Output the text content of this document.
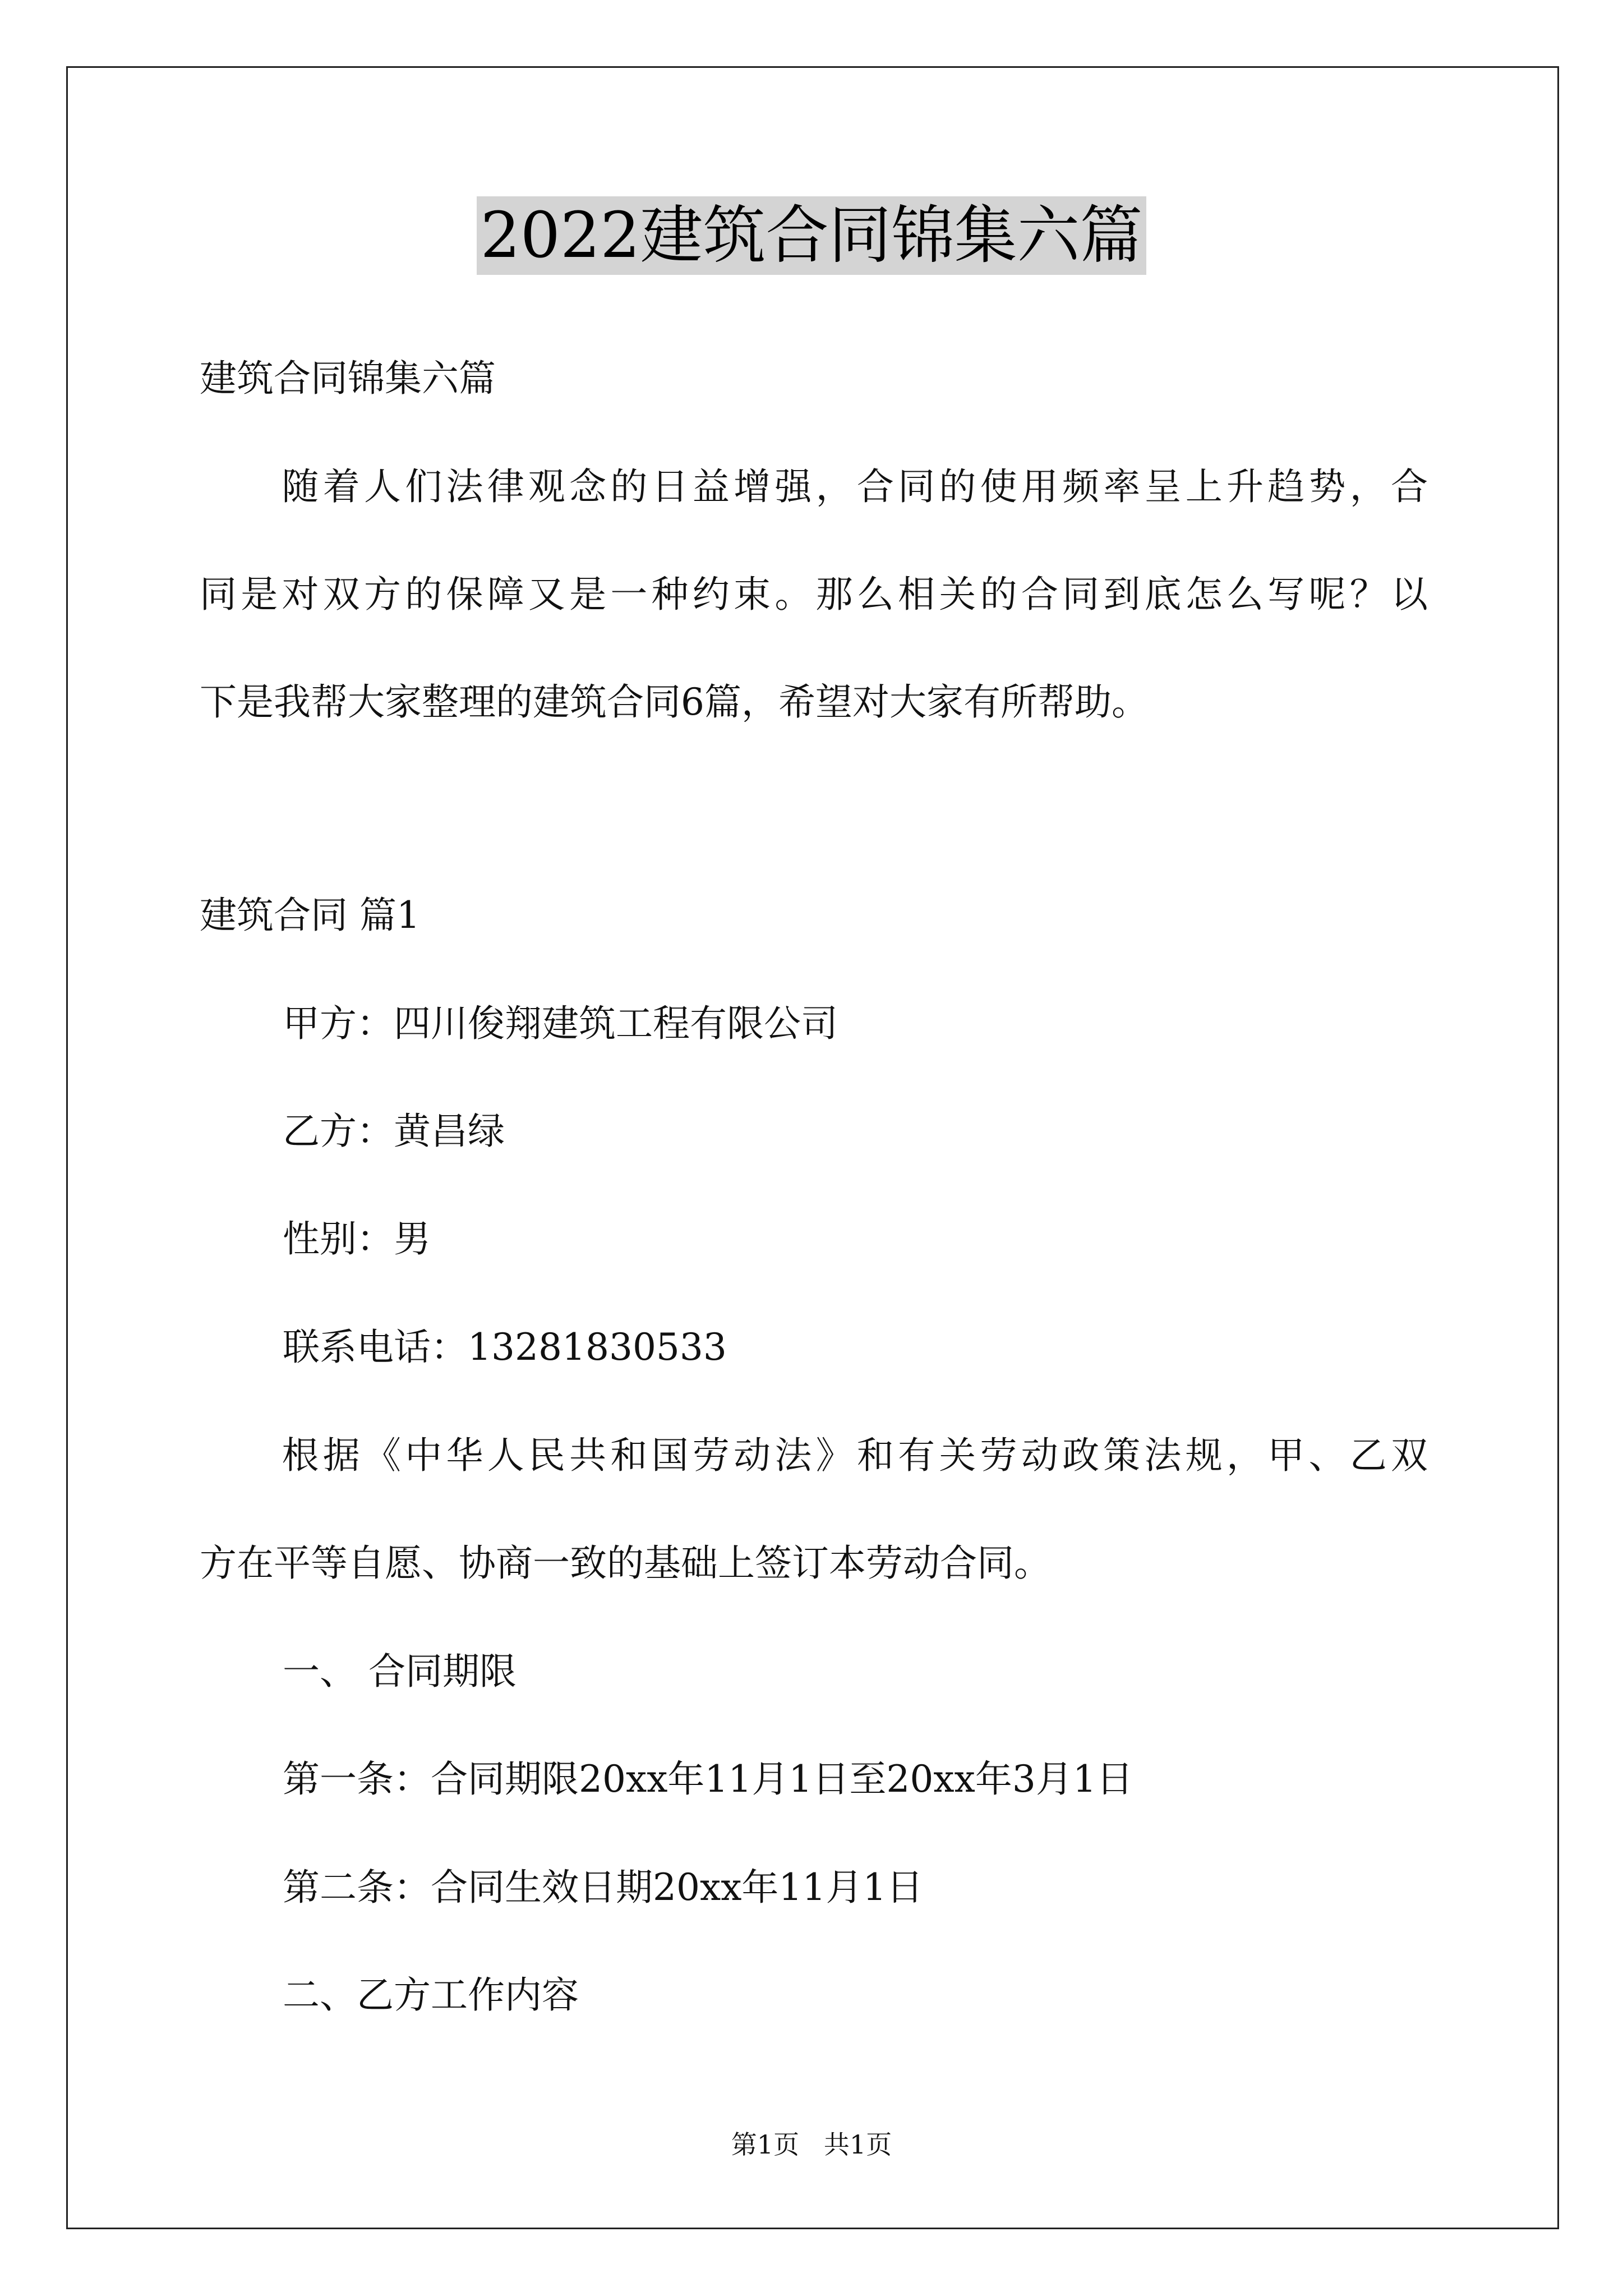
2022建筑合同锦集六篇
建筑合同锦集六篇
　　随着人们法律观念的日益增强，合同的使用频率呈上升趋势，合
同是对双方的保障又是一种约束。那么相关的合同到底怎么写呢？以
下是我帮大家整理的建筑合同6篇，希望对大家有所帮助。
建筑合同 篇1
甲方：四川俊翔建筑工程有限公司
乙方：黄昌绿
性别：男
联系电话：13281830533
　　根据《中华人民共和国劳动法》和有关劳动政策法规，甲、乙双
方在平等自愿、协商一致的基础上签订本劳动合同。
一、 合同期限
第一条：合同期限20xx年11月1日至20xx年3月1日
第二条：合同生效日期20xx年11月1日
二、乙方工作内容
第1页   共1页
